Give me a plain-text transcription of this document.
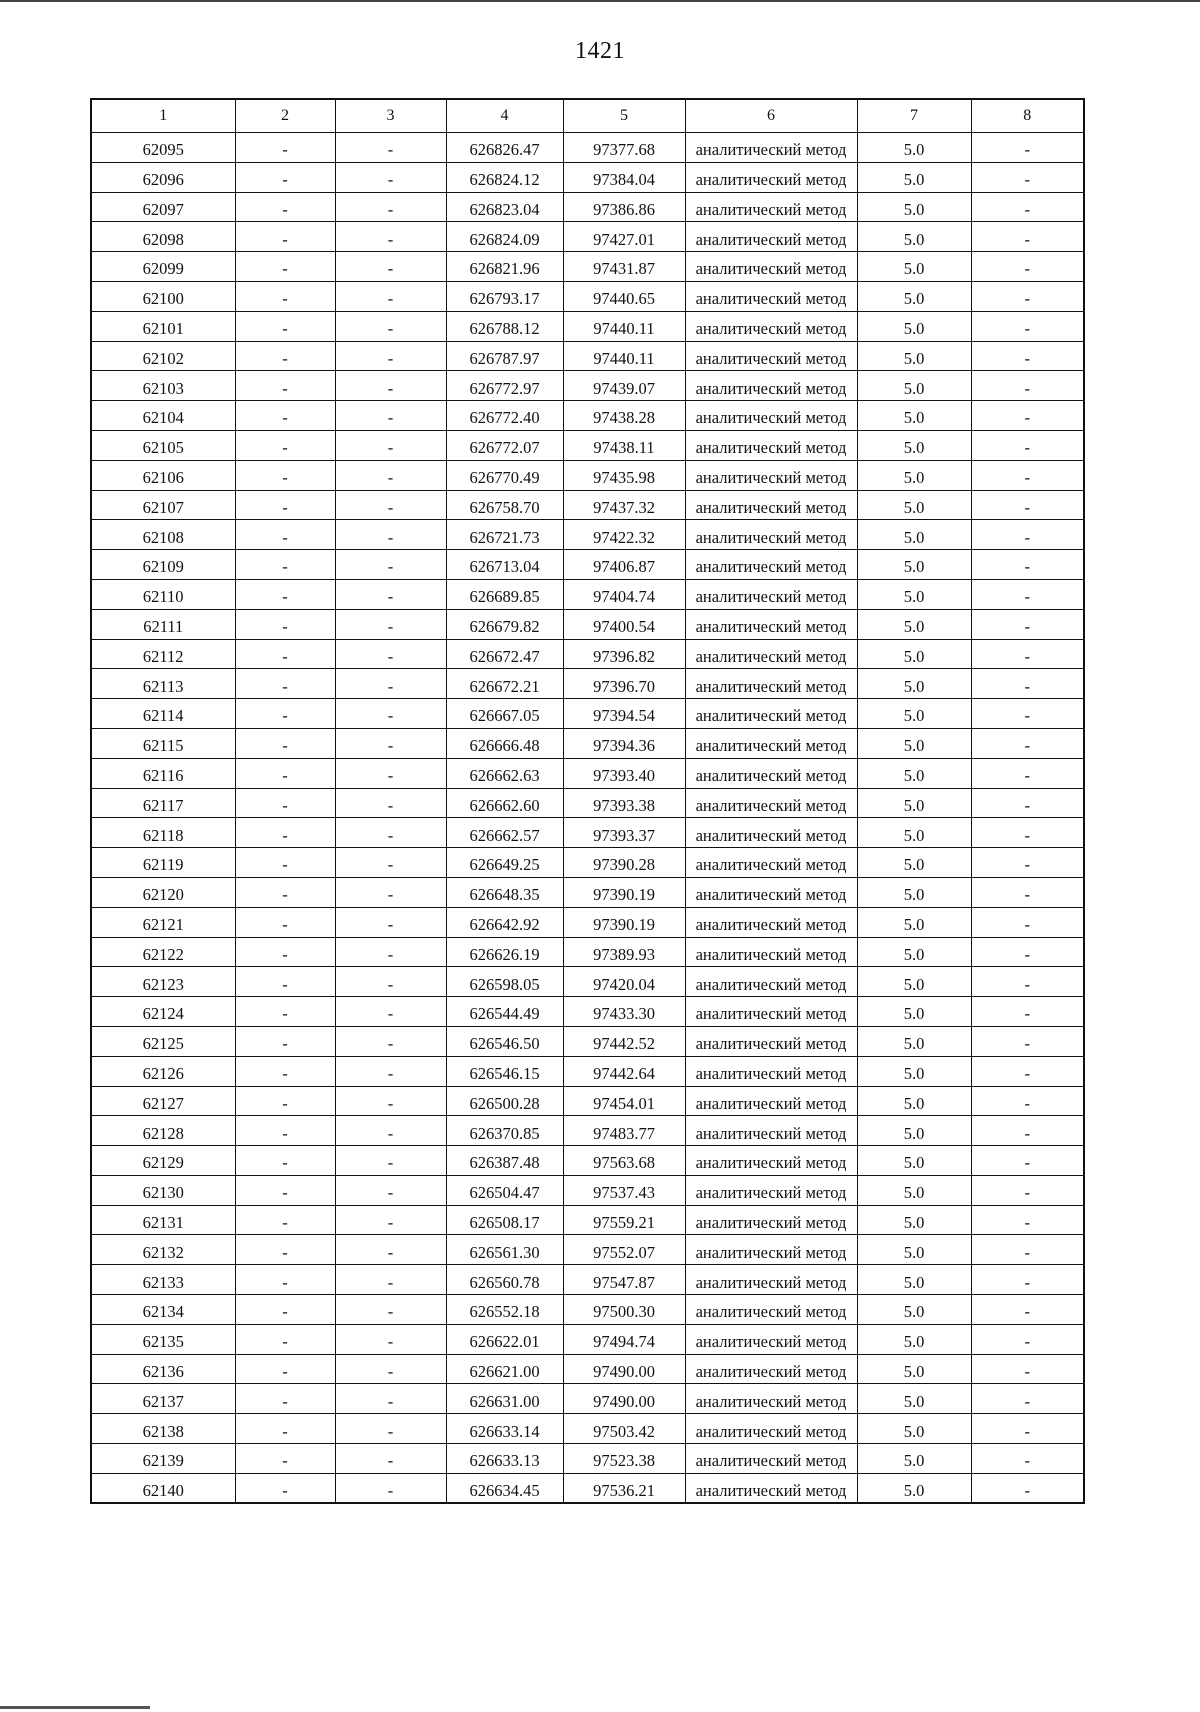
1421
1	2	3	4	5	6	7	8
62095	-	-	626826.47	97377.68	аналитический метод	5.0	-
62096	-	-	626824.12	97384.04	аналитический метод	5.0	-
62097	-	-	626823.04	97386.86	аналитический метод	5.0	-
62098	-	-	626824.09	97427.01	аналитический метод	5.0	-
62099	-	-	626821.96	97431.87	аналитический метод	5.0	-
62100	-	-	626793.17	97440.65	аналитический метод	5.0	-
62101	-	-	626788.12	97440.11	аналитический метод	5.0	-
62102	-	-	626787.97	97440.11	аналитический метод	5.0	-
62103	-	-	626772.97	97439.07	аналитический метод	5.0	-
62104	-	-	626772.40	97438.28	аналитический метод	5.0	-
62105	-	-	626772.07	97438.11	аналитический метод	5.0	-
62106	-	-	626770.49	97435.98	аналитический метод	5.0	-
62107	-	-	626758.70	97437.32	аналитический метод	5.0	-
62108	-	-	626721.73	97422.32	аналитический метод	5.0	-
62109	-	-	626713.04	97406.87	аналитический метод	5.0	-
62110	-	-	626689.85	97404.74	аналитический метод	5.0	-
62111	-	-	626679.82	97400.54	аналитический метод	5.0	-
62112	-	-	626672.47	97396.82	аналитический метод	5.0	-
62113	-	-	626672.21	97396.70	аналитический метод	5.0	-
62114	-	-	626667.05	97394.54	аналитический метод	5.0	-
62115	-	-	626666.48	97394.36	аналитический метод	5.0	-
62116	-	-	626662.63	97393.40	аналитический метод	5.0	-
62117	-	-	626662.60	97393.38	аналитический метод	5.0	-
62118	-	-	626662.57	97393.37	аналитический метод	5.0	-
62119	-	-	626649.25	97390.28	аналитический метод	5.0	-
62120	-	-	626648.35	97390.19	аналитический метод	5.0	-
62121	-	-	626642.92	97390.19	аналитический метод	5.0	-
62122	-	-	626626.19	97389.93	аналитический метод	5.0	-
62123	-	-	626598.05	97420.04	аналитический метод	5.0	-
62124	-	-	626544.49	97433.30	аналитический метод	5.0	-
62125	-	-	626546.50	97442.52	аналитический метод	5.0	-
62126	-	-	626546.15	97442.64	аналитический метод	5.0	-
62127	-	-	626500.28	97454.01	аналитический метод	5.0	-
62128	-	-	626370.85	97483.77	аналитический метод	5.0	-
62129	-	-	626387.48	97563.68	аналитический метод	5.0	-
62130	-	-	626504.47	97537.43	аналитический метод	5.0	-
62131	-	-	626508.17	97559.21	аналитический метод	5.0	-
62132	-	-	626561.30	97552.07	аналитический метод	5.0	-
62133	-	-	626560.78	97547.87	аналитический метод	5.0	-
62134	-	-	626552.18	97500.30	аналитический метод	5.0	-
62135	-	-	626622.01	97494.74	аналитический метод	5.0	-
62136	-	-	626621.00	97490.00	аналитический метод	5.0	-
62137	-	-	626631.00	97490.00	аналитический метод	5.0	-
62138	-	-	626633.14	97503.42	аналитический метод	5.0	-
62139	-	-	626633.13	97523.38	аналитический метод	5.0	-
62140	-	-	626634.45	97536.21	аналитический метод	5.0	-
